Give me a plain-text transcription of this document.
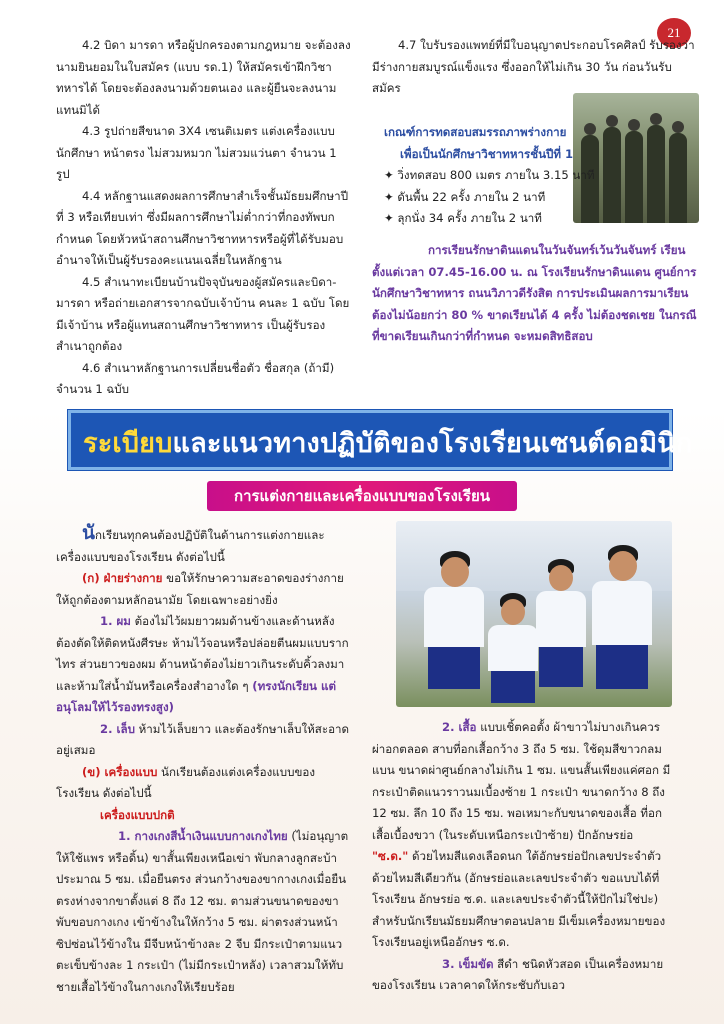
21

4.2 บิดา มารดา หรือผู้ปกครองตามกฎหมาย จะต้องลงนามยินยอมในใบสมัคร (แบบ รด.1) ให้สมัครเข้าฝึกวิชาทหารได้ โดยจะต้องลงนามด้วยตนเอง และผู้ยืนจะลงนามแทนมิได้

4.3 รูปถ่ายสีขนาด 3X4 เซนติเมตร แต่งเครื่องแบบนักศึกษา หน้าตรง ไม่สวมหมวก ไม่สวมแว่นตา จำนวน 1 รูป

4.4 หลักฐานแสดงผลการศึกษาสำเร็จชั้นมัธยมศึกษาปีที่ 3 หรือเทียบเท่า ซึ่งมีผลการศึกษาไม่ต่ำกว่าที่กองทัพบกกำหนด โดยหัวหน้าสถานศึกษาวิชาทหารหรือผู้ที่ได้รับมอบอำนาจให้เป็นผู้รับรองคะแนนเฉลี่ยในหลักฐาน

4.5 สำเนาทะเบียนบ้านปัจจุบันของผู้สมัครและบิดา-มารดา หรือถ่ายเอกสารจากฉบับเจ้าบ้าน คนละ 1 ฉบับ โดยมีเจ้าบ้าน หรือผู้แทนสถานศึกษาวิชาทหาร เป็นผู้รับรองสำเนาถูกต้อง

4.6 สำเนาหลักฐานการเปลี่ยนชื่อตัว ชื่อสกุล (ถ้ามี) จำนวน 1 ฉบับ

4.7 ใบรับรองแพทย์ที่มีใบอนุญาตประกอบโรคศิลป์ รับรองว่ามีร่างกายสมบูรณ์แข็งแรง ซึ่งออกให้ไม่เกิน 30 วัน ก่อนวันรับสมัคร

เกณฑ์การทดสอบสมรรถภาพร่างกาย
เพื่อเป็นนักศึกษาวิชาทหารชั้นปีที่ 1
✦ วิ่งทดสอบ 800 เมตร ภายใน 3.15 นาที
✦ ดันพื้น 22 ครั้ง ภายใน 2 นาที
✦ ลุกนั่ง 34 ครั้ง ภายใน 2 นาที
การเรียนรักษาดินแดนในวันจันทร์เว้นวันจันทร์ เรียนตั้งแต่เวลา 07.45-16.00 น. ณ โรงเรียนรักษาดินแดน ศูนย์การนักศึกษาวิชาทหาร ถนนวิภาวดีรังสิต การประเมินผลการมาเรียนต้องไม่น้อยกว่า 80 % ขาดเรียนได้ 4 ครั้ง ไม่ต้องชดเชย ในกรณีที่ขาดเรียนเกินกว่าที่กำหนด จะหมดสิทธิสอบ
ระเบียบและแนวทางปฏิบัติของโรงเรียนเซนต์ดอมินิก
การแต่งกายและเครื่องแบบของโรงเรียน

นักเรียนทุกคนต้องปฏิบัติในด้านการแต่งกายและเครื่องแบบของโรงเรียน ดังต่อไปนี้

(ก) ฝ่ายร่างกาย ขอให้รักษาความสะอาดของร่างกายให้ถูกต้องตามหลักอนามัย โดยเฉพาะอย่างยิ่ง

1. ผม ต้องไม่ไว้ผมยาวผมด้านข้างและด้านหลัง ต้องตัดให้ติดหนังศีรษะ ห้ามไว้จอนหรือปล่อยตีนผมแบบรากไทร ส่วนยาวของผม ด้านหน้าต้องไม่ยาวเกินระดับคิ้วลงมา และห้ามใส่น้ำมันหรือเครื่องสำอางใด ๆ (ทรงนักเรียน แต่อนุโลมให้ไว้รองทรงสูง)

2. เล็บ ห้ามไว้เล็บยาว และต้องรักษาเล็บให้สะอาดอยู่เสมอ

(ข) เครื่องแบบ นักเรียนต้องแต่งเครื่องแบบของโรงเรียน ดังต่อไปนี้

เครื่องแบบปกติ

1. กางเกงสีน้ำเงินแบบกางเกงไทย (ไม่อนุญาตให้ใช้แพร หรือดิ้น) ขาสั้นเพียงเหนือเข่า พับกลางลูกสะบ้าประมาณ 5 ซม. เมื่อยืนตรง ส่วนกว้างของขากางเกงเมื่อยืนตรงห่างจากขาตั้งแต่ 8 ถึง 12 ซม. ตามส่วนขนาดของขา พับขอบกางเกง เข้าข้างในให้กว้าง 5 ซม. ผ่าตรงส่วนหน้าซิปซ่อนไว้ข้างใน มีจีบหน้าข้างละ 2 จีบ มีกระเป๋าตามแนวตะเข็บข้างละ 1 กระเป๋า (ไม่มีกระเป๋าหลัง) เวลาสวมให้ทับชายเสื้อไว้ข้างในกางเกงให้เรียบร้อย

2. เสื้อ แบบเชิ้ตคอตั้ง ผ้าขาวไม่บางเกินควร ผ่าอกตลอด สาบที่อกเสื้อกว้าง 3 ถึง 5 ซม. ใช้ดุมสีขาวกลมแบน ขนาดผ่าศูนย์กลางไม่เกิน 1 ซม. แขนสั้นเพียงแค่ศอก มีกระเป๋าติดแนวราวนมเบื้องซ้าย 1 กระเป๋า ขนาดกว้าง 8 ถึง 12 ซม. ลึก 10 ถึง 15 ซม. พอเหมาะกับขนาดของเสื้อ ที่อกเสื้อเบื้องขวา (ในระดับเหนือกระเป๋าซ้าย) ปักอักษรย่อ "ซ.ด." ด้วยไหมสีแดงเลือดนก ใต้อักษรย่อปักเลขประจำตัวด้วยไหมสีเดียวกัน (อักษรย่อและเลขประจำตัว ขอแบบได้ที่โรงเรียน อักษรย่อ ซ.ด. และเลขประจำตัวนี้ให้ปักไม่ใช่ปะ) สำหรับนักเรียนมัธยมศึกษาตอนปลาย มีเข็มเครื่องหมายของโรงเรียนอยู่เหนืออักษร ซ.ด.

3. เข็มขัด สีดำ ชนิดหัวสอด เป็นเครื่องหมายของโรงเรียน เวลาคาดให้กระชับกับเอว
